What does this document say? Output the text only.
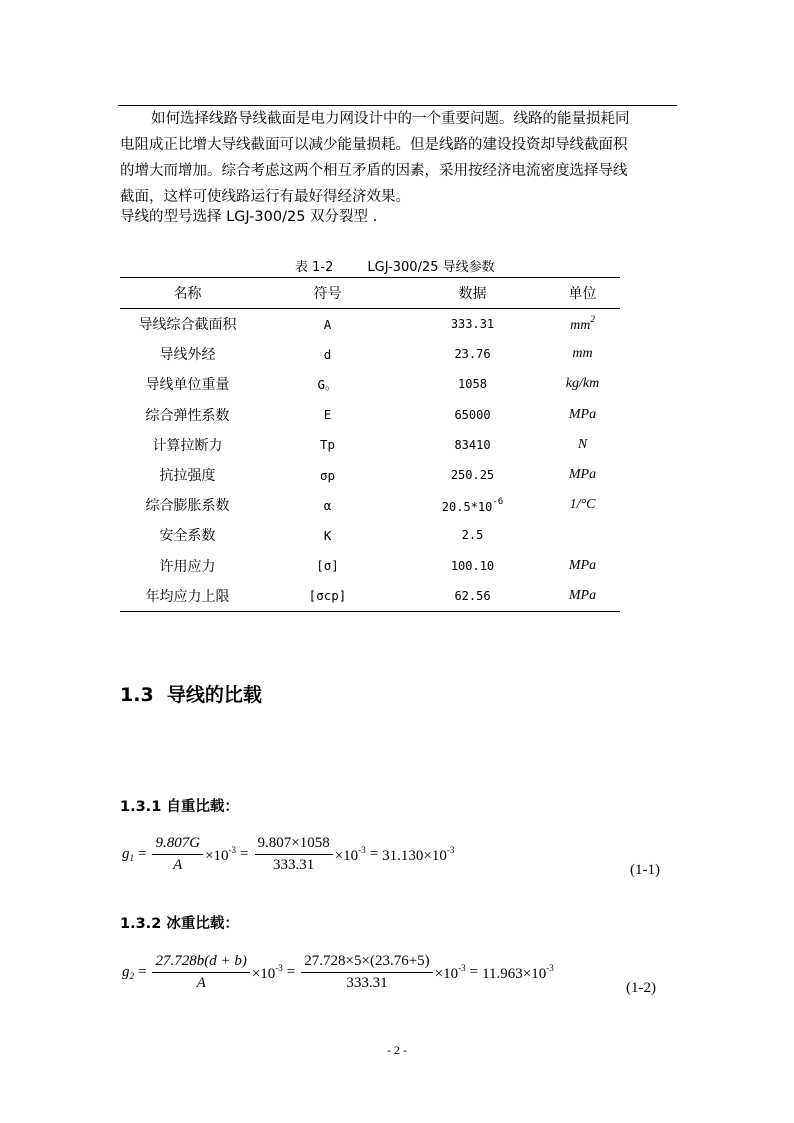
如何选择线路导线截面是电力网设计中的一个重要问题。线路的能量损耗同
电阻成正比增大导线截面可以减少能量损耗。但是线路的建设投资却导线截面积
的增大而增加。综合考虑这两个相互矛盾的因素，采用按经济电流密度选择导线
截面，这样可使线路运行有最好得经济效果。
导线的型号选择 LGJ-300/25 双分裂型 .
表 1-2	LGJ-300/25 导线参数
名称	符号	数据	单位
导线综合截面积	A	333.31	$mm^2$
导线外经	d	23.76	mm
导线单位重量	G。	1058	kg/km
综合弹性系数	E	65000	MPa
计算拉断力	Tp	83410	N
抗拉强度	σp	250.25	MPa
综合膨胀系数	α	$20.5*10^{-6}$	1/°C
安全系数	K	2.5	
许用应力	[σ]	100.10	MPa
年均应力上限	[σcp]	62.56	MPa
1.3 导线的比载
1.3.1 自重比载：
$g_1 = \frac{9.807G}{A} \times 10^{-3} = \frac{9.807\times 1058}{333.31} \times 10^{-3} = 31.130\times 10^{-3}$
(1-1)
1.3.2 冰重比载：
$g_2 = \frac{27.728b(d + b)}{A} \times 10^{-3} = \frac{27.728\times 5\times(23.76+5)}{333.31} \times 10^{-3} = 11.963\times 10^{-3}$
(1-2)
- 2 -
